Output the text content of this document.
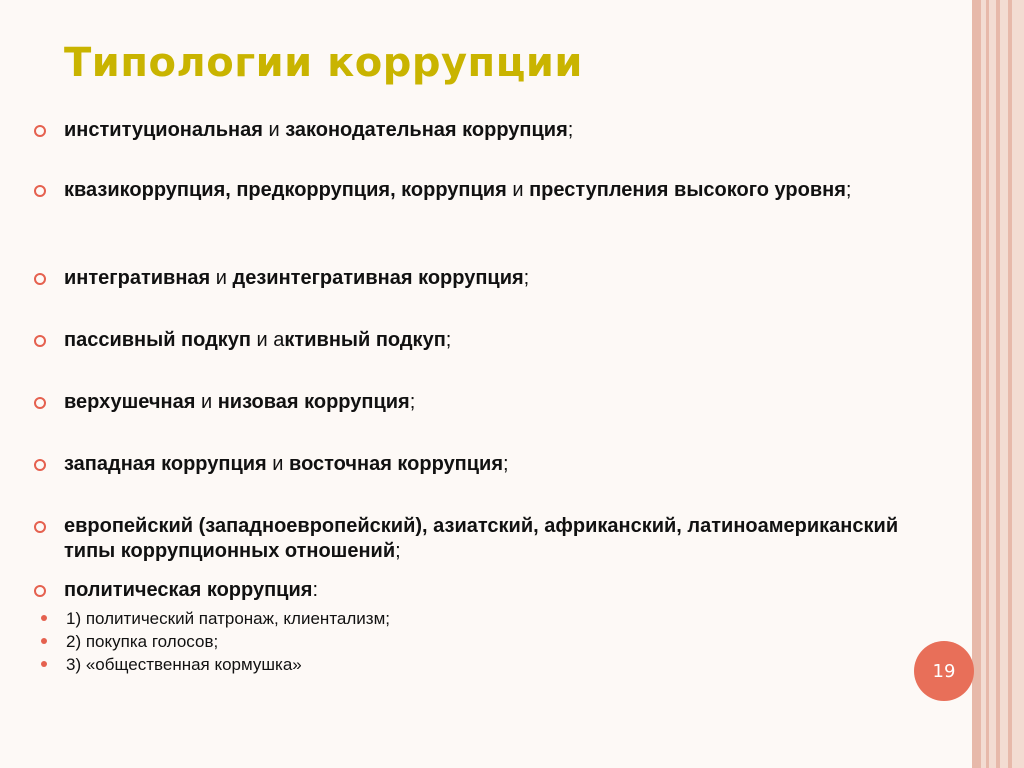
Типологии коррупции

институциональная и законодательная коррупция;

квазикоррупция, предкоррупция, коррупция и преступления высокого уровня;

интегративная и дезинтегративная коррупция;

пассивный подкуп и активный подкуп;

верхушечная и низовая коррупция;

западная коррупция и восточная коррупция;

европейский (западноевропейский), азиатский, африканский, латиноамериканский типы коррупционных отношений;

политическая коррупция:

1) политический патронаж, клиентализм;
2) покупка голосов;
3) «общественная кормушка»	19
